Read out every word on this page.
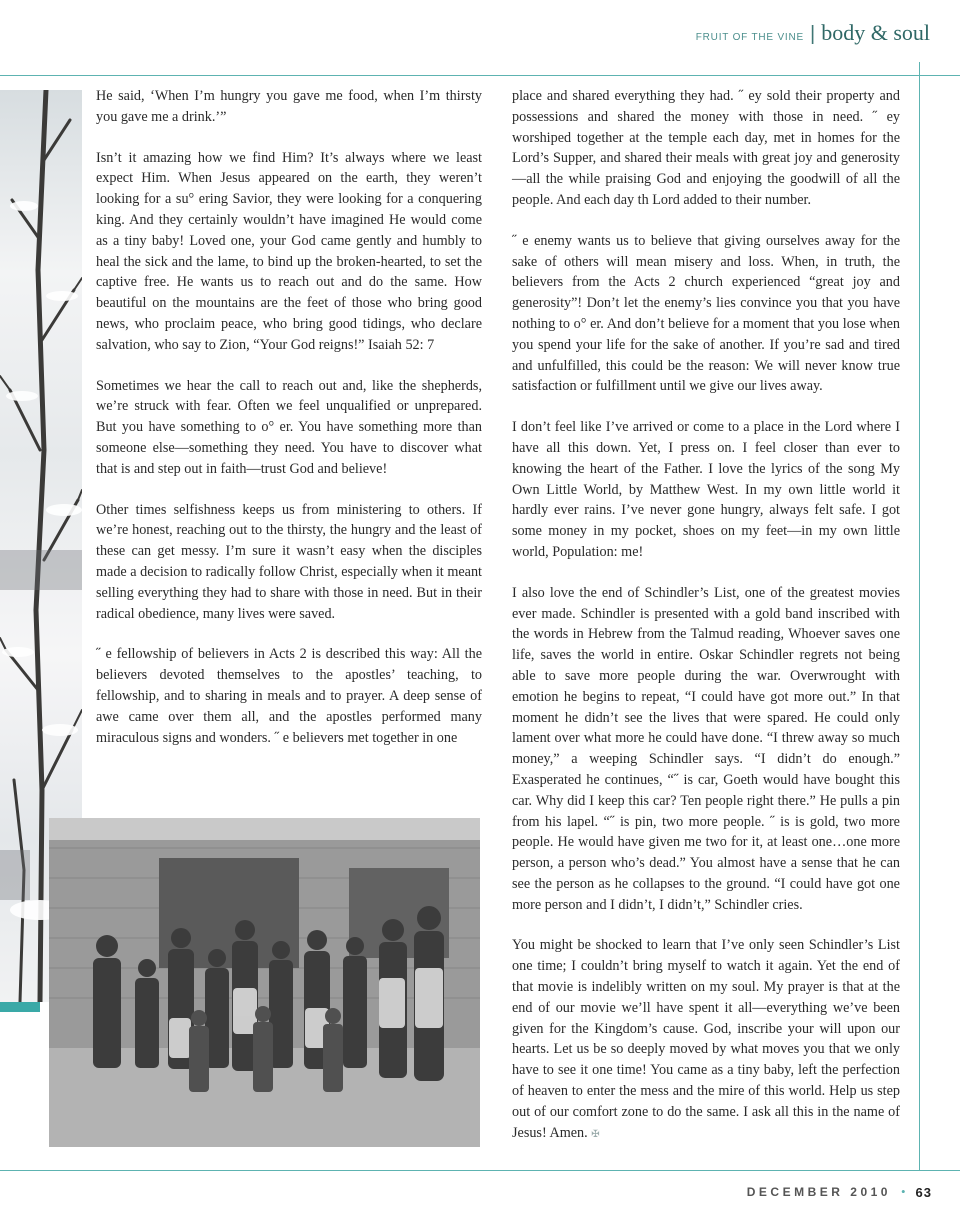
FRUIT OF THE VINE | body & soul

He said, ‘When I’m hungry you gave me food, when I’m thirsty you gave me a drink.’”

Isn’t it amazing how we find Him? It’s always where we least expect Him. When Jesus appeared on the earth, they weren’t looking for a su° ering Savior, they were looking for a conquering king. And they certainly wouldn’t have imagined He would come as a tiny baby! Loved one, your God came gently and humbly to heal the sick and the lame, to bind up the broken-hearted, to set the captive free. He wants us to reach out and do the same. How beautiful on the mountains are the feet of those who bring good news, who proclaim peace, who bring good tidings, who declare salvation, who say to Zion, “Your God reigns!” Isaiah 52: 7

Sometimes we hear the call to reach out and, like the shepherds, we’re struck with fear. Often we feel unqualified or unprepared. But you have something to o° er. You have something more than someone else—something they need. You have to discover what that is and step out in faith—trust God and believe!

Other times selfishness keeps us from ministering to others. If we’re honest, reaching out to the thirsty, the hungry and the least of these can get messy. I’m sure it wasn’t easy when the disciples made a decision to radically follow Christ, especially when it meant selling everything they had to share with those in need. But in their radical obedience, many lives were saved.

˝ e fellowship of believers in Acts 2 is described this way: All the believers devoted themselves to the apostles’ teaching, to fellowship, and to sharing in meals and to prayer. A deep sense of awe came over them all, and the apostles performed many miraculous signs and wonders. ˝ e believers met together in one

place and shared everything they had. ˝ ey sold their property and possessions and shared the money with those in need. ˝ ey worshiped together at the temple each day, met in homes for the Lord’s Supper, and shared their meals with great joy and generosity—all the while praising God and enjoying the goodwill of all the people. And each day th Lord added to their number.

˝ e enemy wants us to believe that giving ourselves away for the sake of others will mean misery and loss. When, in truth, the believers from the Acts 2 church experienced “great joy and generosity”! Don’t let the enemy’s lies convince you that you have nothing to o° er. And don’t believe for a moment that you lose when you spend your life for the sake of another. If you’re sad and tired and unfulfilled, this could be the reason: We will never know true satisfaction or fulfillment until we give our lives away.

I don’t feel like I’ve arrived or come to a place in the Lord where I have all this down. Yet, I press on. I feel closer than ever to knowing the heart of the Father. I love the lyrics of the song My Own Little World, by Matthew West. In my own little world it hardly ever rains. I’ve never gone hungry, always felt safe. I got some money in my pocket, shoes on my feet—in my own little world, Population: me!

I also love the end of Schindler’s List, one of the greatest movies ever made. Schindler is presented with a gold band inscribed with the words in Hebrew from the Talmud reading, Whoever saves one life, saves the world in entire. Oskar Schindler regrets not being able to save more people during the war. Overwrought with emotion he begins to repeat, “I could have got more out.” In that moment he didn’t see the lives that were spared. He could only lament over what more he could have done. “I threw away so much money,” a weeping Schindler says. “I didn’t do enough.” Exasperated he continues, “˝ is car, Goeth would have bought this car. Why did I keep this car? Ten people right there.” He pulls a pin from his lapel. “˝ is pin, two more people. ˝ is is gold, two more people. He would have given me two for it, at least one…one more person, a person who’s dead.” You almost have a sense that he can see the person as he collapses to the ground. “I could have got one more person and I didn’t, I didn’t,” Schindler cries.

You might be shocked to learn that I’ve only seen Schindler’s List one time; I couldn’t bring myself to watch it again. Yet the end of that movie is indelibly written on my soul. My prayer is that at the end of our movie we’ll have spent it all—everything we’ve been given for the Kingdom’s cause. God, inscribe your will upon our hearts. Let us be so deeply moved by what moves you that we only have to see it one time! You came as a tiny baby, left the perfection of heaven to enter the mess and the mire of this world. Help us step out of our comfort zone to do the same. I ask all this in the name of Jesus! Amen. ✠

DECEMBER 2010 • 63
